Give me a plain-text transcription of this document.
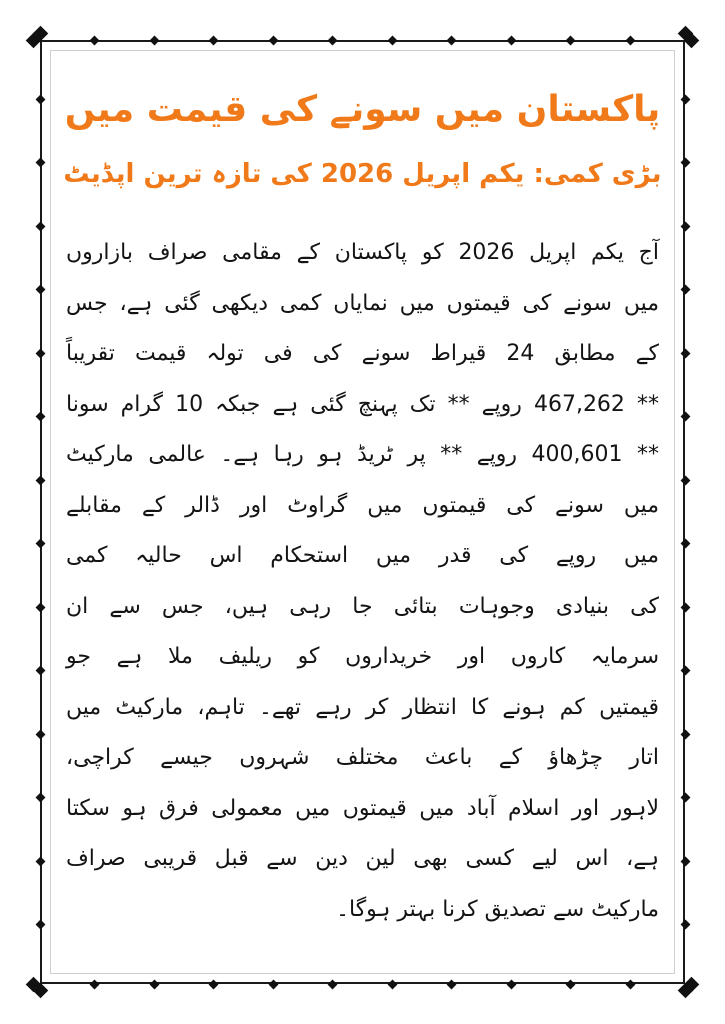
پاکستان میں سونے کی قیمت میں
بڑی کمی: یکم اپریل 2026 کی تازہ ترین اپڈیٹ
آج یکم اپریل 2026 کو پاکستان کے مقامی صراف بازاروں
میں سونے کی قیمتوں میں نمایاں کمی دیکھی گئی ہے، جس
کے مطابق 24 قیراط سونے کی فی تولہ قیمت تقریباً
** 467,262 روپے ** تک پہنچ گئی ہے جبکہ 10 گرام سونا
** 400,601 روپے ** پر ٹریڈ ہو رہا ہے۔ عالمی مارکیٹ
میں سونے کی قیمتوں میں گراوٹ اور ڈالر کے مقابلے
میں روپے کی قدر میں استحکام اس حالیہ کمی
کی بنیادی وجوہات بتائی جا رہی ہیں، جس سے ان
سرمایہ کاروں اور خریداروں کو ریلیف ملا ہے جو
قیمتیں کم ہونے کا انتظار کر رہے تھے۔ تاہم، مارکیٹ میں
اتار چڑھاؤ کے باعث مختلف شہروں جیسے کراچی،
لاہور اور اسلام آباد میں قیمتوں میں معمولی فرق ہو سکتا
ہے، اس لیے کسی بھی لین دین سے قبل قریبی صراف
مارکیٹ سے تصدیق کرنا بہتر ہوگا۔
